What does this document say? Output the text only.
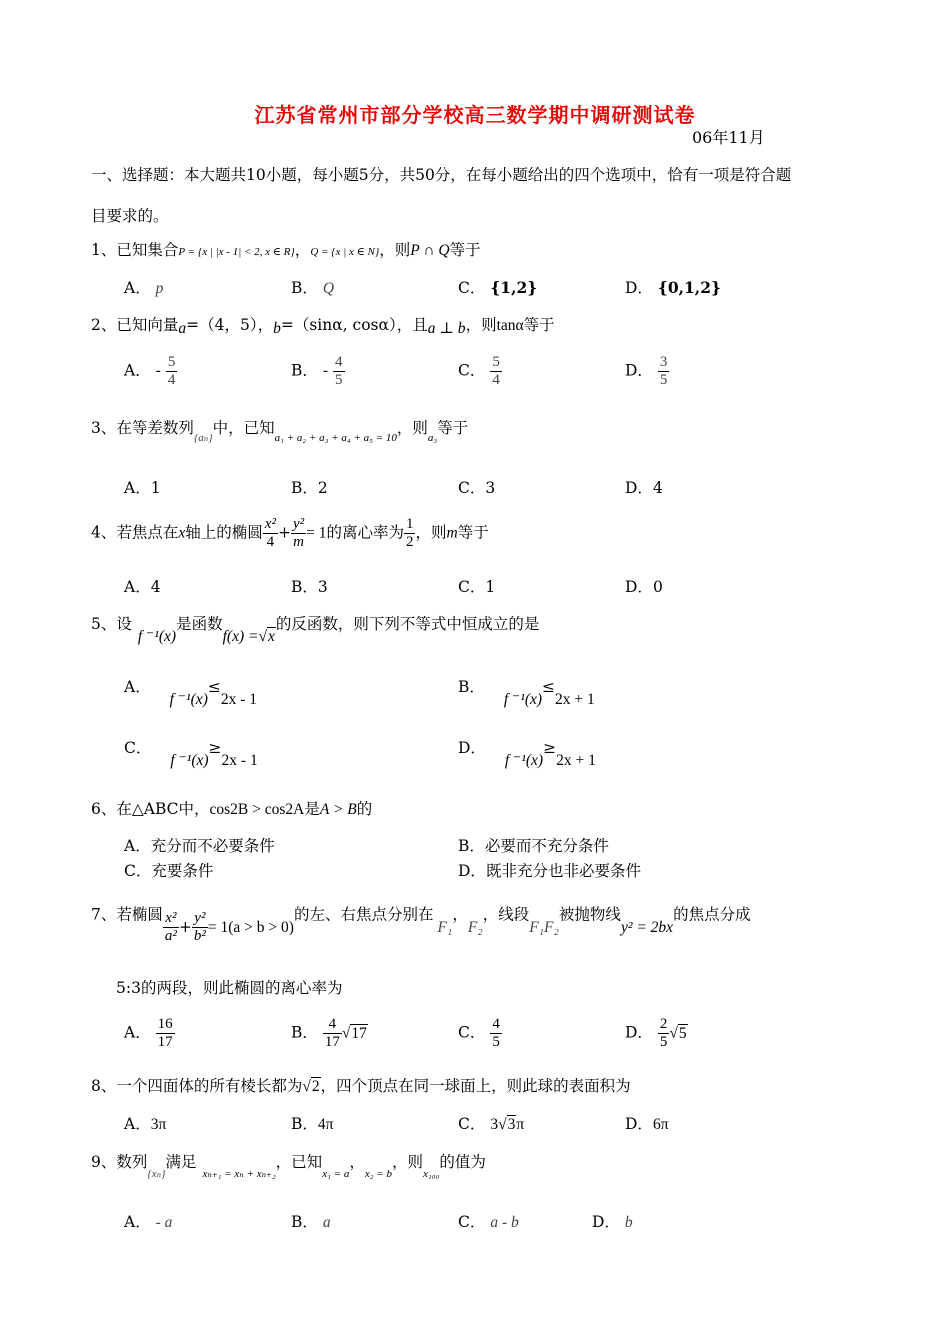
江苏省常州市部分学校高三数学期中调研测试卷
06年11月
一、选择题：本大题共10小题，每小题5分，共50分，在每小题给出的四个选项中，恰有一项是符合题
目要求的。
1、已知集合P = {x | |x - 1| < 2, x ∈ R}，Q = {x | x ∈ N}，则P ∩ Q等于
A． p	B． Q	C． {1,2}	D． {0,1,2}
2、已知向量a=（4，5），b=（sinα, cosα），且a ⊥ b，则tanα等于
A． - $\frac{5}{4}$	B． - $\frac{4}{5}$	C． $\frac{5}{4}$	D． $\frac{3}{5}$
3、在等差数列$_{\{a_n\}}$中，已知$_{a_1 + a_2 + a_3 + a_4 + a_5 = 10}$，则$_{a_3}$等于
A．1	B．2	C．3	D．4
4、若焦点在x轴上的椭圆 $\frac{\text{x²}}{4} + \frac{\text{y²}}{m} = 1$的离心率为 $\frac{1}{2}$ ，则m等于
A．4	B．3	C．1	D．0
5、设f ⁻¹(x)是函数f(x) =√x的反函数，则下列不等式中恒成立的是
A． f ⁻¹(x)≤2x - 1
B． f ⁻¹(x)≤2x + 1
C． f ⁻¹(x)≥2x - 1
D． f ⁻¹(x)≥2x + 1
6、在△ABC中，cos2B > cos2A是A > B的
A．充分而不必要条件	B．必要而不充分条件
C．充要条件	D．既非充分也非必要条件
7、若椭圆 $\frac{\text{x²}}{\text{a²}} + \frac{\text{y²}}{\text{b²}} = 1(a > b > 0)$的左、右焦点分别在F₁，F₂，线段F₁F₂被抛物线y² = 2bx的焦点分成
5:3的两段，则此椭圆的离心率为
A． $\frac{16}{17}$	B． $\frac{4}{17} √17$	C． $\frac{4}{5}$	D． $\frac{2}{5} √5$
8、一个四面体的所有棱长都为√2，四个顶点在同一球面上，则此球的表面积为
A．3π	B．4π	C． 3√3π	D．6π
9、数列$_{\{x_n\}}$满足$_{x_{n+1} = x_n + x_{n+2}}$，已知$_{x_1 = a}$，$_{x_2 = b}$，则$_{x_{100}}$的值为
A． - a	B． a	C． a - b	D． b
